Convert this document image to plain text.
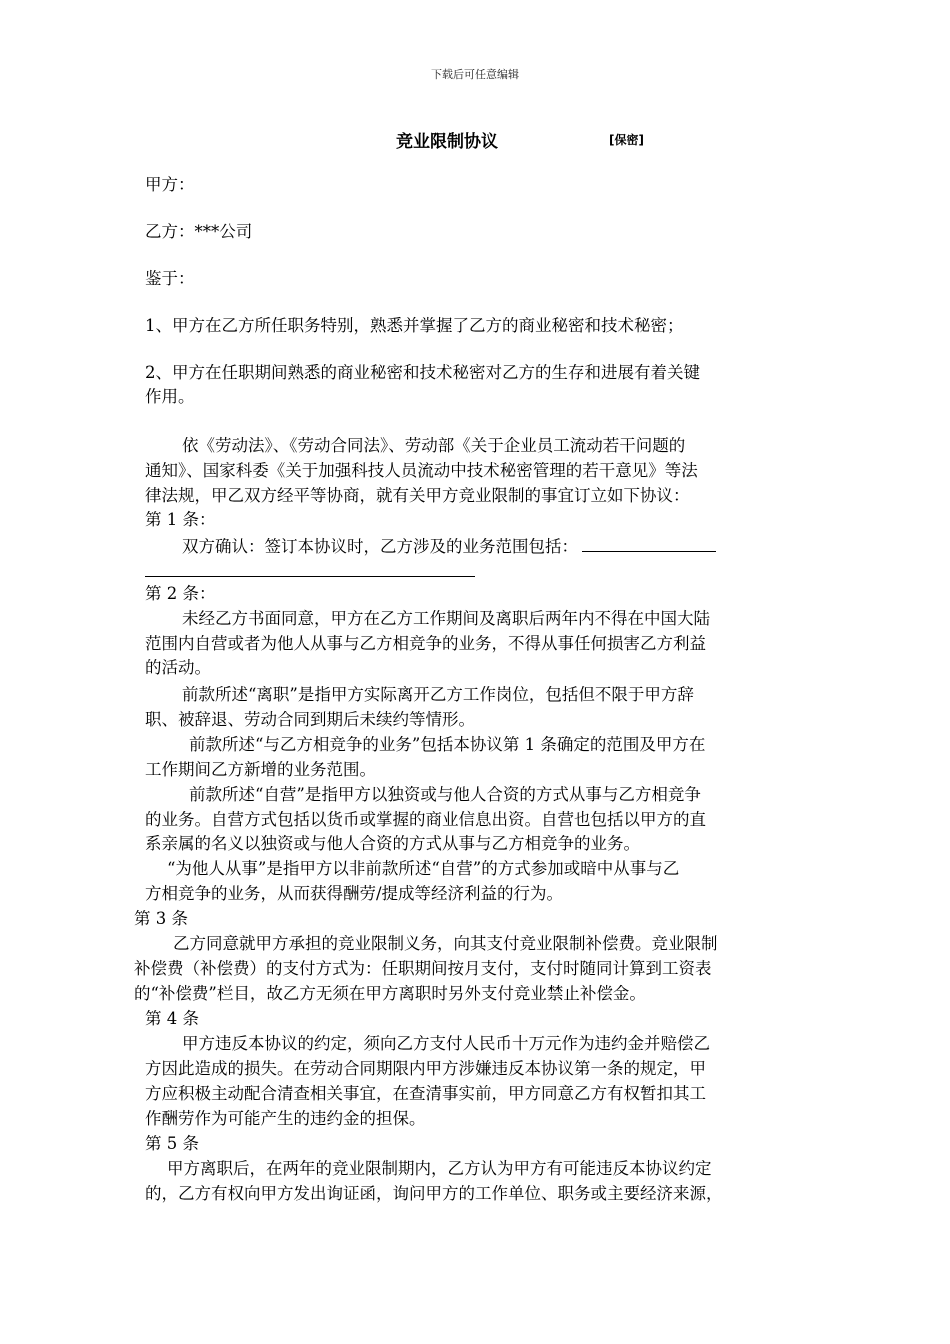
下载后可任意编辑
竞业限制协议	[保密]
甲方：
乙方：***公司
鉴于：
1、甲方在乙方所任职务特别，熟悉并掌握了乙方的商业秘密和技术秘密；
2、甲方在任职期间熟悉的商业秘密和技术秘密对乙方的生存和进展有着关键
作用。
依《劳动法》、《劳动合同法》、劳动部《关于企业员工流动若干问题的
通知》、国家科委《关于加强科技人员流动中技术秘密管理的若干意见》等法
律法规，甲乙双方经平等协商，就有关甲方竞业限制的事宜订立如下协议：
第 1 条：
双方确认：签订本协议时，乙方涉及的业务范围包括：
第 2 条：
未经乙方书面同意，甲方在乙方工作期间及离职后两年内不得在中国大陆
范围内自营或者为他人从事与乙方相竞争的业务，不得从事任何损害乙方利益
的活动。
前款所述“离职”是指甲方实际离开乙方工作岗位，包括但不限于甲方辞
职、被辞退、劳动合同到期后未续约等情形。
前款所述“与乙方相竞争的业务”包括本协议第 1 条确定的范围及甲方在
工作期间乙方新增的业务范围。
前款所述“自营”是指甲方以独资或与他人合资的方式从事与乙方相竞争
的业务。自营方式包括以货币或掌握的商业信息出资。自营也包括以甲方的直
系亲属的名义以独资或与他人合资的方式从事与乙方相竞争的业务。
“为他人从事”是指甲方以非前款所述“自营”的方式参加或暗中从事与乙
方相竞争的业务，从而获得酬劳/提成等经济利益的行为。
第 3 条
乙方同意就甲方承担的竞业限制义务，向其支付竞业限制补偿费。竞业限制
补偿费（补偿费）的支付方式为：任职期间按月支付，支付时随同计算到工资表
的“补偿费”栏目，故乙方无须在甲方离职时另外支付竞业禁止补偿金。
第 4 条
甲方违反本协议的约定，须向乙方支付人民币十万元作为违约金并赔偿乙
方因此造成的损失。在劳动合同期限内甲方涉嫌违反本协议第一条的规定，甲
方应积极主动配合清查相关事宜，在查清事实前，甲方同意乙方有权暂扣其工
作酬劳作为可能产生的违约金的担保。
第 5 条
甲方离职后，在两年的竞业限制期内，乙方认为甲方有可能违反本协议约定
的，乙方有权向甲方发出询证函，询问甲方的工作单位、职务或主要经济来源，
